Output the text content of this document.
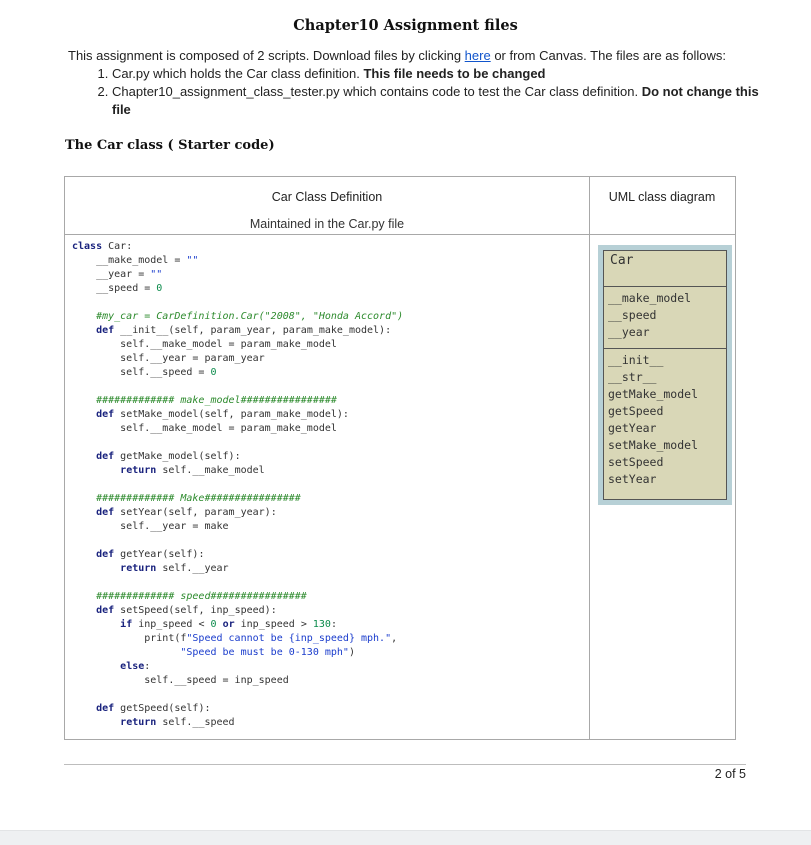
Chapter10 Assignment files
This assignment is composed of 2 scripts. Download files by clicking here or from Canvas. The files are as follows:
1. Car.py which holds the Car class definition. This file needs to be changed
2. Chapter10_assignment_class_tester.py which contains code to test the Car class definition. Do not change this file
The Car class ( Starter code)
Car Class Definition
Maintained in the Car.py file
UML class diagram
class Car:
__make_model = ""
__year = ""
__speed = 0

#my_car = CarDefinition.Car("2008", "Honda Accord")
def __init__(self, param_year, param_make_model):
self.__make_model = param_make_model
self.__year = param_year
self.__speed = 0

############# make_model################
def setMake_model(self, param_make_model):
self.__make_model = param_make_model

def getMake_model(self):
return self.__make_model

############# Make################
def setYear(self, param_year):
self.__year = make

def getYear(self):
return self.__year

############# speed################
def setSpeed(self, inp_speed):
if inp_speed < 0 or inp_speed > 130:
print(f"Speed cannot be {inp_speed} mph.",
"Speed be must be 0-130 mph")
else:
self.__speed = inp_speed

def getSpeed(self):
return self.__speed
Car
__make_model
__speed
__year
__init__
__str__
getMake_model
getSpeed
getYear
setMake_model
setSpeed
setYear
2 of 5
